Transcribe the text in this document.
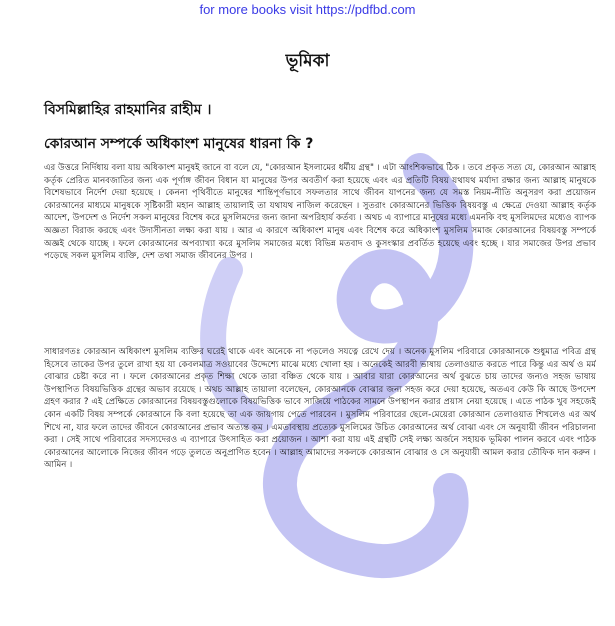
for more books visit https://pdfbd.com
ভূমিকা
বিসমিল্লাহির রাহমানির রাহীম ।
কোরআন সম্পর্কে অধিকাংশ মানুষের ধারনা কি ?

এর উত্তরে নির্দিধায় বলা যায় অধিকাংশ মানুষই জানে বা বলে যে, "কোরআন ইসলামের ধর্মীয় গ্রন্থ" । এটা আংশিকভাবে ঠিক । তবে প্রকৃত সত্য যে, কোরআন আল্লাহ কর্তৃক প্রেরিত মানবজাতির জন্য এক পূর্ণাঙ্গ জীবন বিধান যা মানুষের উপর অবতীর্ণ করা হয়েছে এবং এর প্রতিটি বিষয় যথাযথ মর্যাদা রক্ষার জন্য আল্লাহ মানুষকে বিশেষভাবে নির্দেশ দেয়া হয়েছে । কেননা পৃথিবীতে মানুষের শান্তিপূর্ণভাবে সফলতার সাথে জীবন যাপনের জন্য যে সমস্ত নিয়ম-নীতি অনুসরণ করা প্রয়োজন কোরআনের মাধ্যমে মানুষকে সৃষ্টিকারী মহান আল্লাহ তায়ালাই তা যথাযথ নাজিল করেছেন । সুতরাং কোরআনের ভিত্তিক বিষয়বস্তু এ ক্ষেত্রে দেওয়া আল্লাহ কর্তৃক আদেশ, উপদেশ ও নির্দেশ সকল মানুষের বিশেষ করে মুসলিমদের জন্য জানা অপরিহার্য কর্তব্য । অথচ এ ব্যাপারে মানুষের মধ্যে এমনকি বহু মুসলিমদের মধ্যেও ব্যাপক অজ্ঞতা বিরাজ করছে এবং উদাসীনতা লক্ষ্য করা যায় । আর এ কারণে অধিকাংশ মানুষ এবং বিশেষ করে অধিকাংশ মুসলিম সমাজ কোরআনের বিষয়বস্তু সম্পর্কে অজ্ঞই থেকে যাচ্ছে । ফলে কোরআনের অপব্যাখ্যা করে মুসলিম সমাজের মধ্যে বিভিন্ন মতবাদ ও কুসংস্কার প্রবর্তিত হয়েছে এবং হচ্ছে । যার সমাজের উপর প্রভাব পড়েছে সকল মুসলিম ব্যক্তি, দেশ তথা সমাজ জীবনের উপর ।

সাধারণতঃ কোরআন অধিকাংশ মুসলিম ব্যক্তির ঘরেই থাকে এবং অনেকে না পড়লেও সযত্নে রেখে দেয় । অনেক মুসলিম পরিবারে কোরআনকে শুধুমাত্র পবিত্র গ্রন্থ হিসেবে তাকের উপর তুলে রাখা হয় যা কেবলমাত্র সওয়াবের উদ্দেশ্যে মাঝে মধ্যে খোলা হয় । অনেকেই আরবী ভাষায় তেলাওয়াত করতে পারে কিন্তু এর অর্থ ও মর্ম বোঝার চেষ্টা করে না । ফলে কোরআনের প্রকৃত শিক্ষা থেকে তারা বঞ্চিত থেকে যায় । আবার যারা কোরআনের অর্থ বুঝতে চায় তাদের জন্যও সহজ ভাষায় উপস্থাপিত বিষয়ভিত্তিক গ্রন্থের অভাব রয়েছে । অথচ আল্লাহ তায়ালা বলেছেন, কোরআনকে বোঝার জন্য সহজ করে দেয়া হয়েছে, অতএব কেউ কি আছে উপদেশ গ্রহণ করার ? এই প্রেক্ষিতে কোরআনের বিষয়বস্তুগুলোকে বিষয়ভিত্তিক ভাবে সাজিয়ে পাঠকের সামনে উপস্থাপন করার প্রয়াস নেয়া হয়েছে । এতে পাঠক খুব সহজেই কোন একটি বিষয় সম্পর্কে কোরআনে কি বলা হয়েছে তা এক জায়গায় পেতে পারবেন । মুসলিম পরিবারের ছেলে-মেয়েরা কোরআন তেলাওয়াত শিখলেও এর অর্থ শিখে না, যার ফলে তাদের জীবনে কোরআনের প্রভাব অত্যন্ত কম । এমতাবস্থায় প্রত্যেক মুসলিমের উচিত কোরআনের অর্থ বোঝা এবং সে অনুযায়ী জীবন পরিচালনা করা । সেই সাথে পরিবারের সদস্যদেরও এ ব্যাপারে উৎসাহিত করা প্রয়োজন । আশা করা যায় এই গ্রন্থটি সেই লক্ষ্য অর্জনে সহায়ক ভূমিকা পালন করবে এবং পাঠক কোরআনের আলোকে নিজের জীবন গড়ে তুলতে অনুপ্রাণিত হবেন । আল্লাহ আমাদের সকলকে কোরআন বোঝার ও সে অনুযায়ী আমল করার তৌফিক দান করুন । আমিন ।
